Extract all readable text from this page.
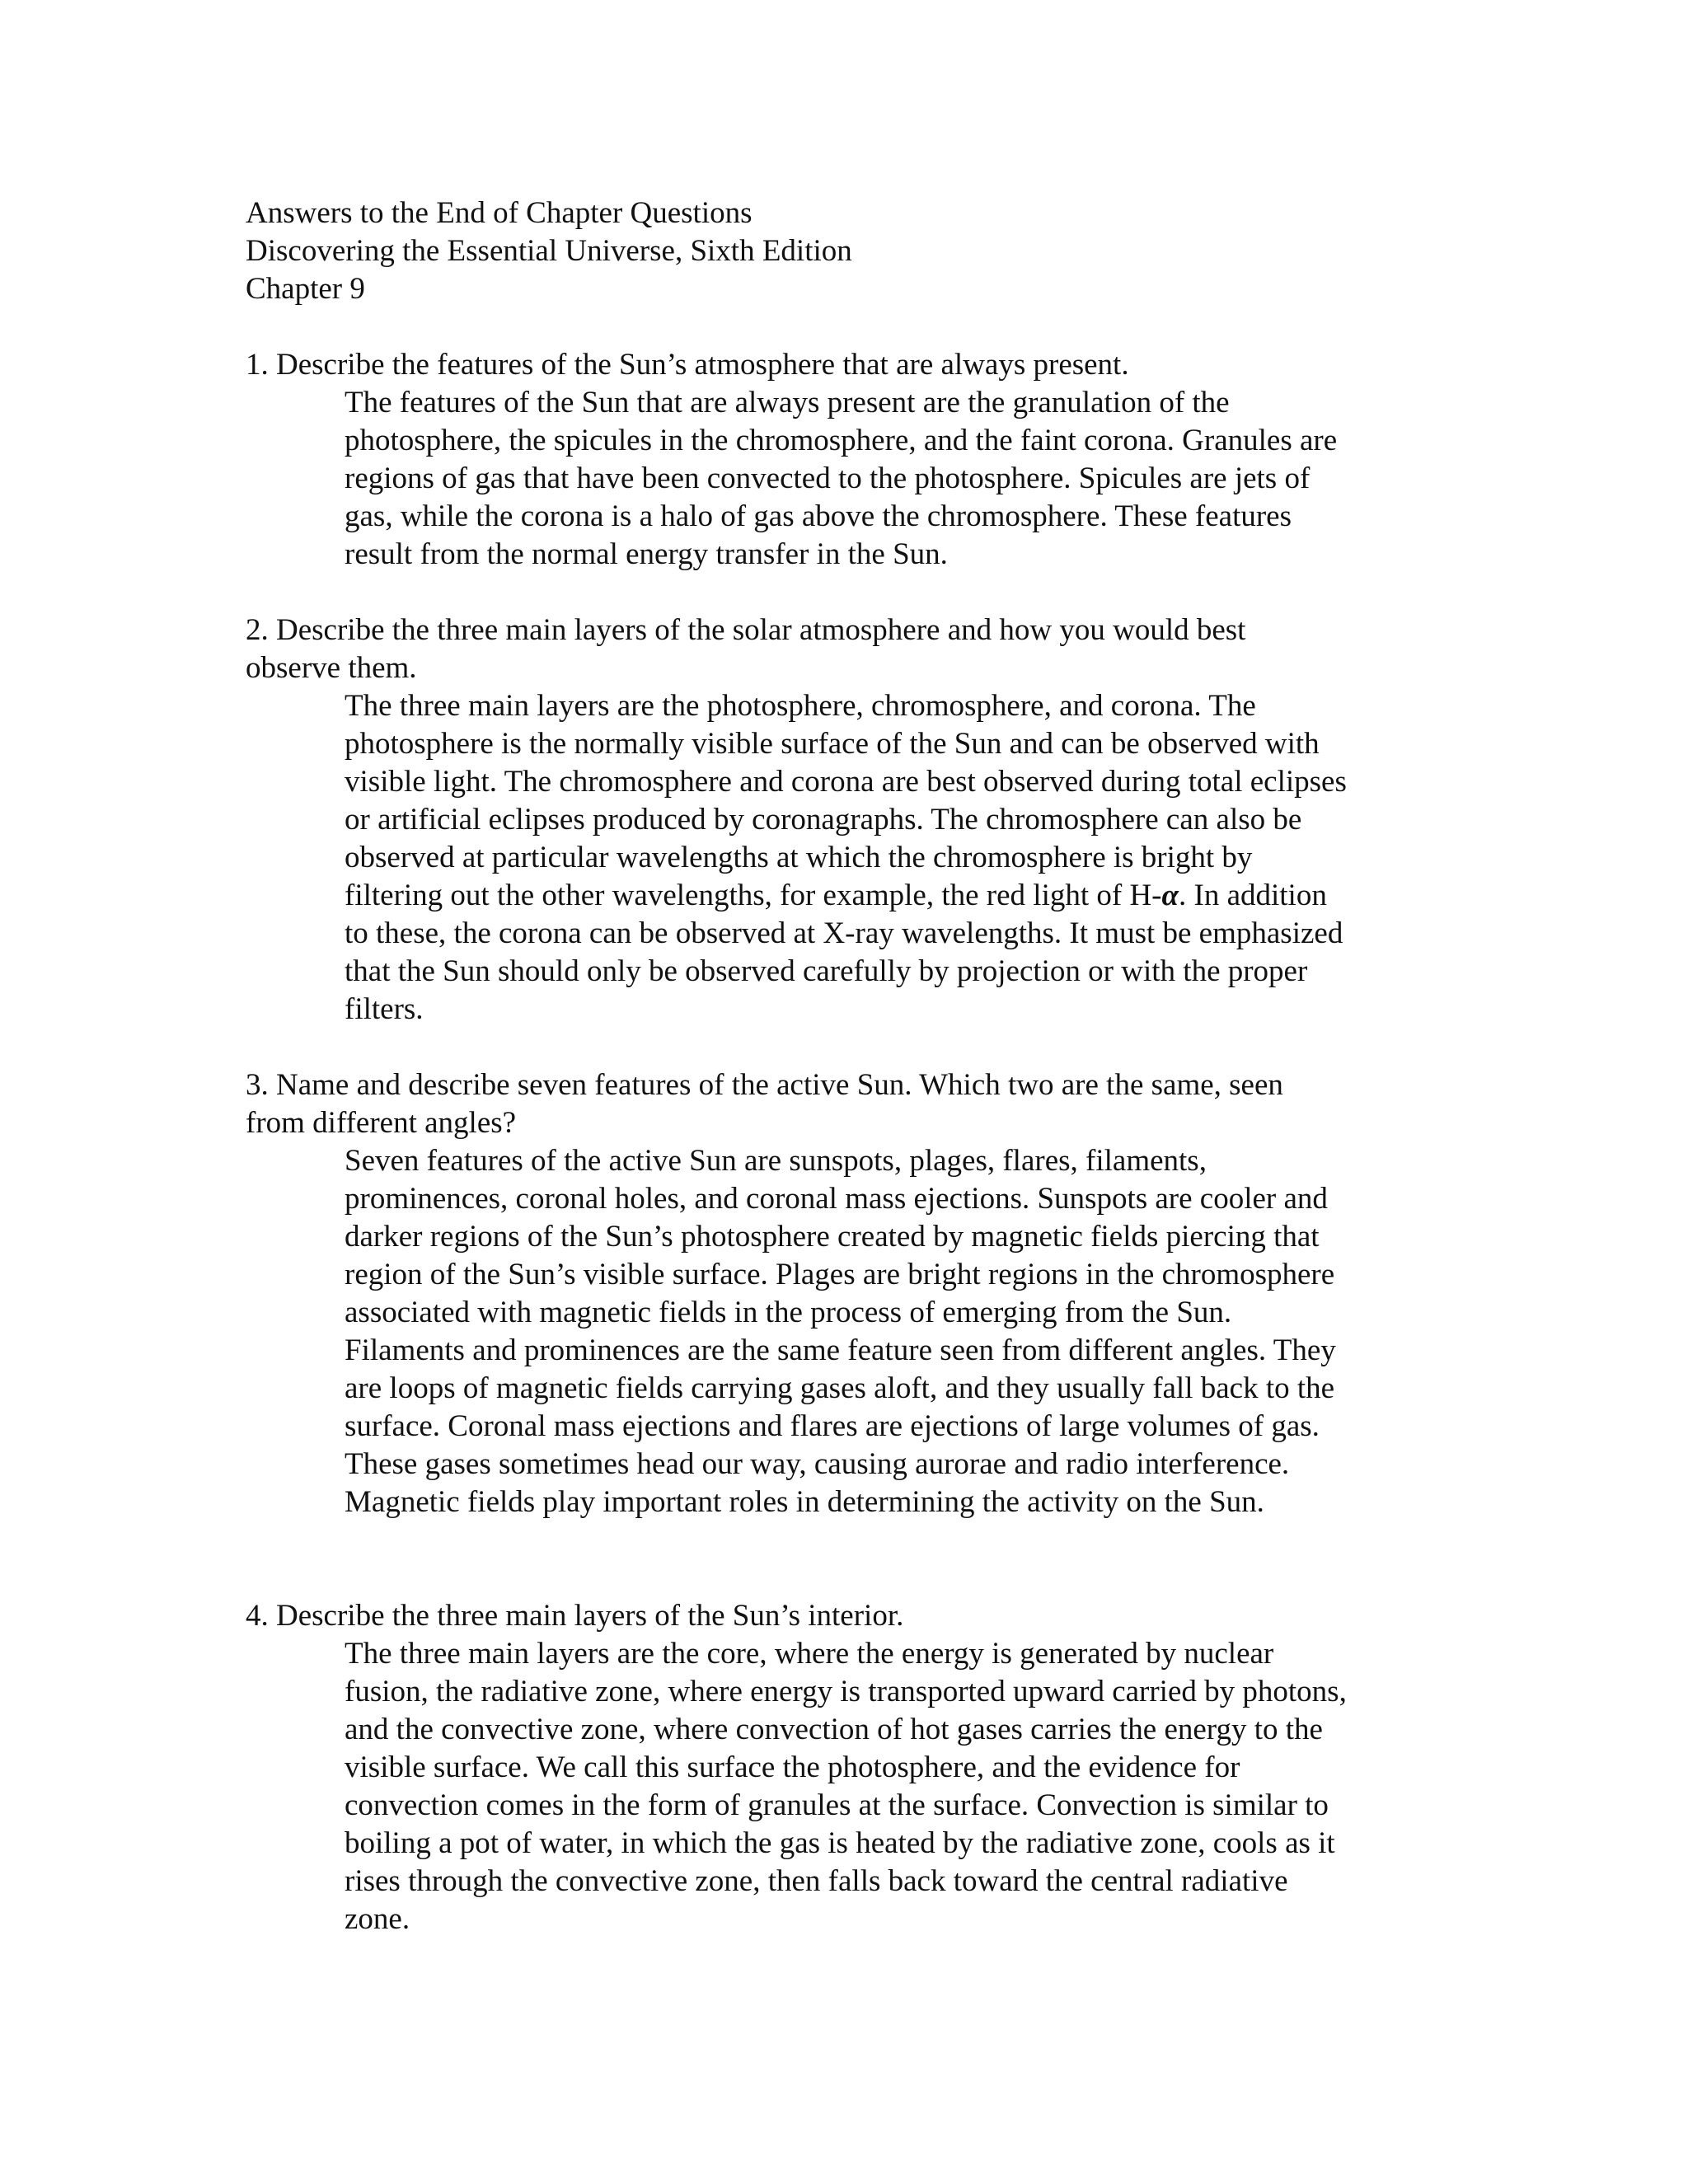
Answers to the End of Chapter Questions
Discovering the Essential Universe, Sixth Edition
Chapter 9
1. Describe the features of the Sun’s atmosphere that are always present.
The features of the Sun that are always present are the granulation of the
photosphere, the spicules in the chromosphere, and the faint corona. Granules are
regions of gas that have been convected to the photosphere. Spicules are jets of
gas, while the corona is a halo of gas above the chromosphere. These features
result from the normal energy transfer in the Sun.
2. Describe the three main layers of the solar atmosphere and how you would best
observe them.
The three main layers are the photosphere, chromosphere, and corona. The
photosphere is the normally visible surface of the Sun and can be observed with
visible light. The chromosphere and corona are best observed during total eclipses
or artificial eclipses produced by coronagraphs. The chromosphere can also be
observed at particular wavelengths at which the chromosphere is bright by
filtering out the other wavelengths, for example, the red light of H-α. In addition
to these, the corona can be observed at X-ray wavelengths. It must be emphasized
that the Sun should only be observed carefully by projection or with the proper
filters.
3. Name and describe seven features of the active Sun. Which two are the same, seen
from different angles?
Seven features of the active Sun are sunspots, plages, flares, filaments,
prominences, coronal holes, and coronal mass ejections. Sunspots are cooler and
darker regions of the Sun’s photosphere created by magnetic fields piercing that
region of the Sun’s visible surface. Plages are bright regions in the chromosphere
associated with magnetic fields in the process of emerging from the Sun.
Filaments and prominences are the same feature seen from different angles. They
are loops of magnetic fields carrying gases aloft, and they usually fall back to the
surface. Coronal mass ejections and flares are ejections of large volumes of gas.
These gases sometimes head our way, causing aurorae and radio interference.
Magnetic fields play important roles in determining the activity on the Sun.
4. Describe the three main layers of the Sun’s interior.
The three main layers are the core, where the energy is generated by nuclear
fusion, the radiative zone, where energy is transported upward carried by photons,
and the convective zone, where convection of hot gases carries the energy to the
visible surface. We call this surface the photosphere, and the evidence for
convection comes in the form of granules at the surface. Convection is similar to
boiling a pot of water, in which the gas is heated by the radiative zone, cools as it
rises through the convective zone, then falls back toward the central radiative
zone.
